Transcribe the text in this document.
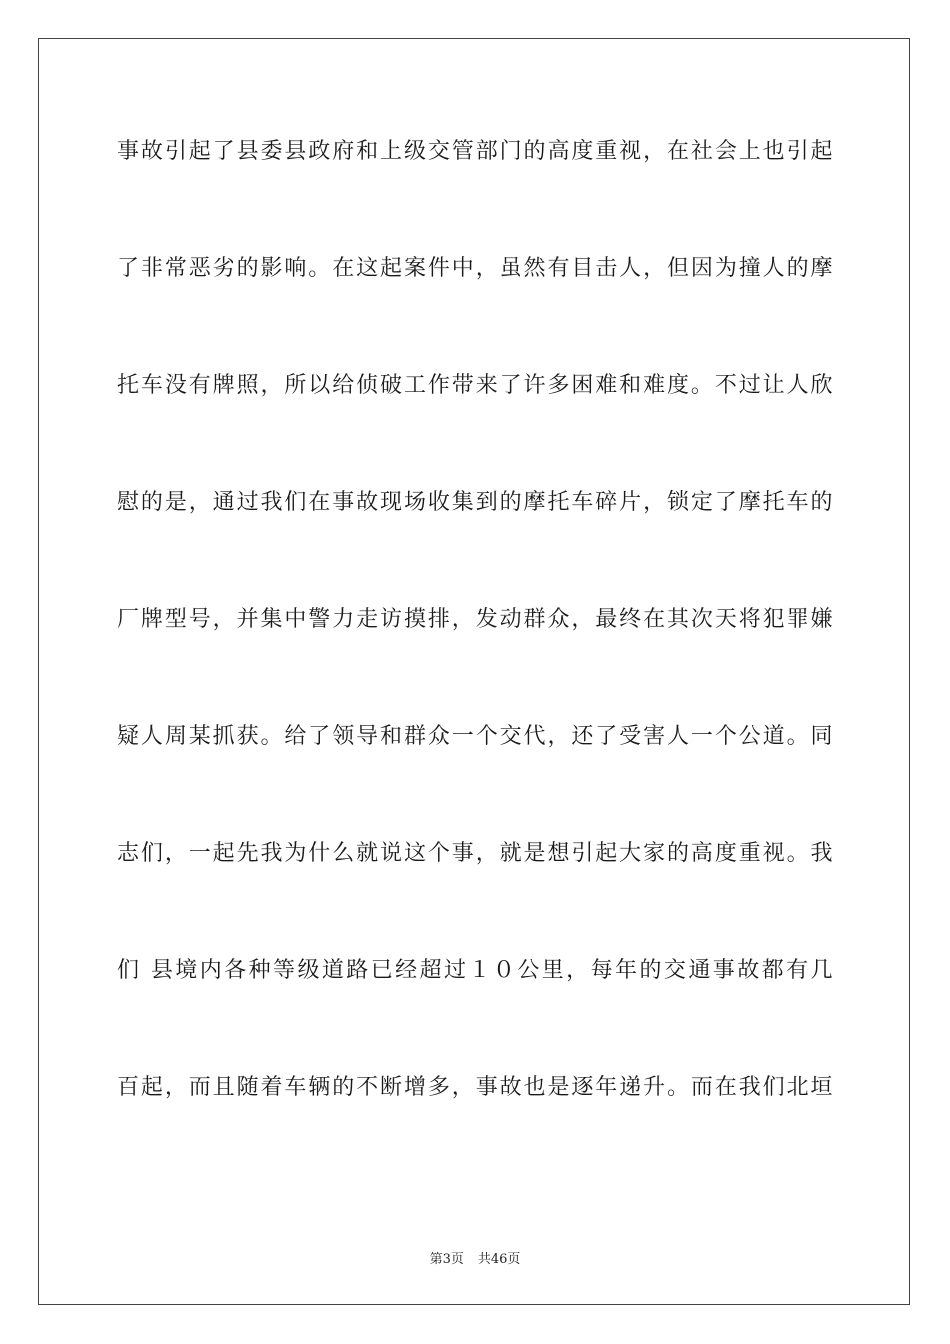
事故引起了县委县政府和上级交管部门的高度重视，在社会上也引起
了非常恶劣的影响。在这起案件中，虽然有目击人，但因为撞人的摩
托车没有牌照，所以给侦破工作带来了许多困难和难度。不过让人欣
慰的是，通过我们在事故现场收集到的摩托车碎片，锁定了摩托车的
厂牌型号，并集中警力走访摸排，发动群众，最终在其次天将犯罪嫌
疑人周某抓获。给了领导和群众一个交代，还了受害人一个公道。同
志们，一起先我为什么就说这个事，就是想引起大家的高度重视。我
们 县境内各种等级道路已经超过１０公里，每年的交通事故都有几
百起，而且随着车辆的不断增多，事故也是逐年递升。而在我们北垣
第3页 共46页
